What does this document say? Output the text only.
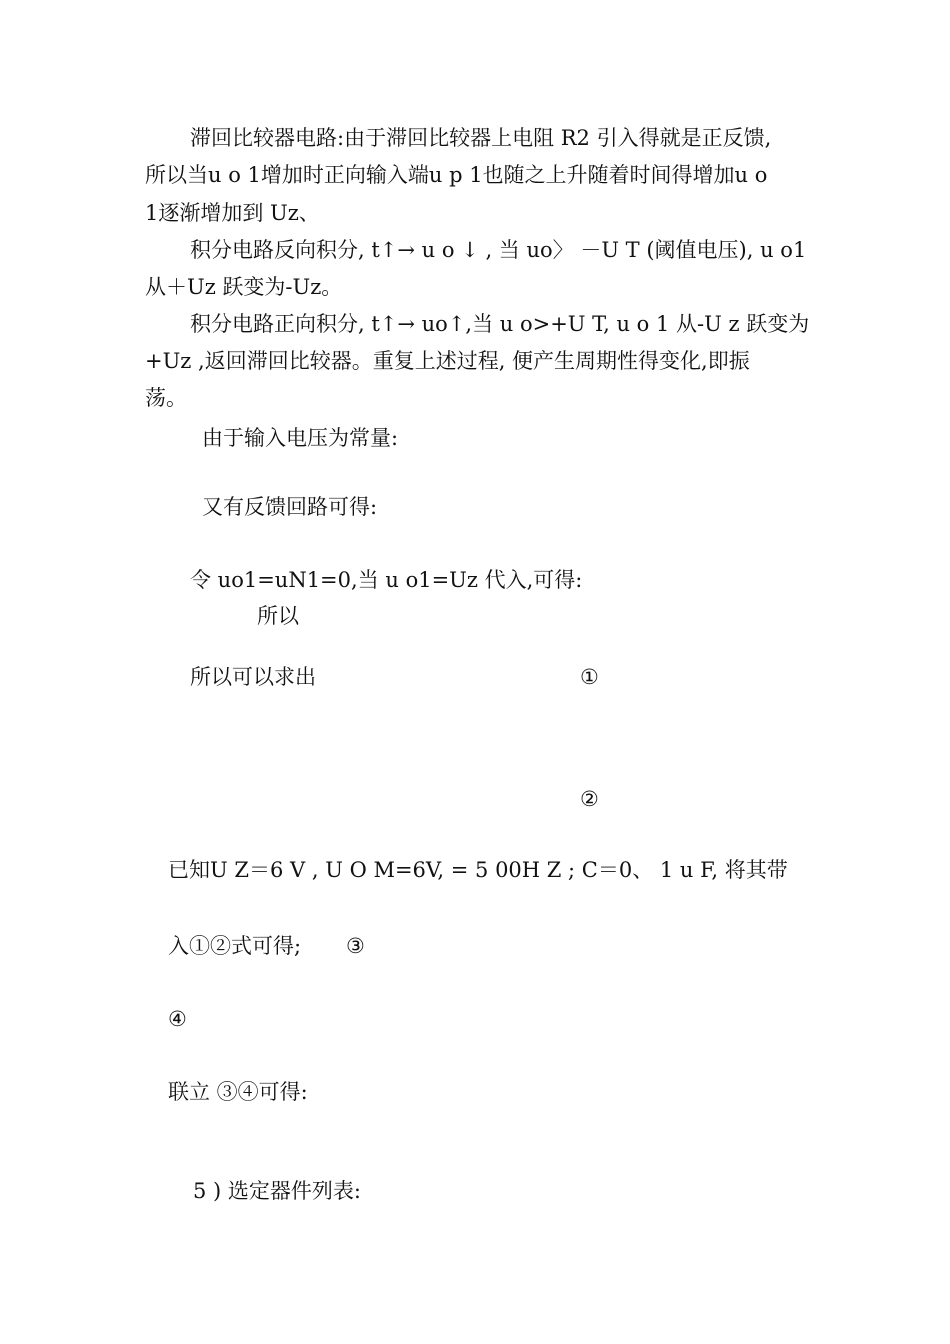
滞回比较器电路:由于滞回比较器上电阻 R2 引入得就是正反馈,
所以当u o 1增加时正向输入端u p 1也随之上升随着时间得增加u o
1逐渐增加到 Uz、
积分电路反向积分, t↑→ u o ↓ , 当 uo〉 －U T (阈值电压), u o1
从＋Uz 跃变为-Uz。
积分电路正向积分, t↑→ uo↑,当 u o>+U T, u o 1 从-U z 跃变为
+Uz ,返回滞回比较器。重复上述过程, 便产生周期性得变化,即振
荡。
由于输入电压为常量:
又有反馈回路可得:
令 uo1=uN1=0,当 u o1=Uz 代入,可得:
所以
所以可以求出	①
②
已知U Z＝6 V , U O M=6V, = 5 00H Z ; C＝0、 1 u F, 将其带
入①②式可得; ③
④
联立 ③④可得:
5 ) 选定器件列表:
